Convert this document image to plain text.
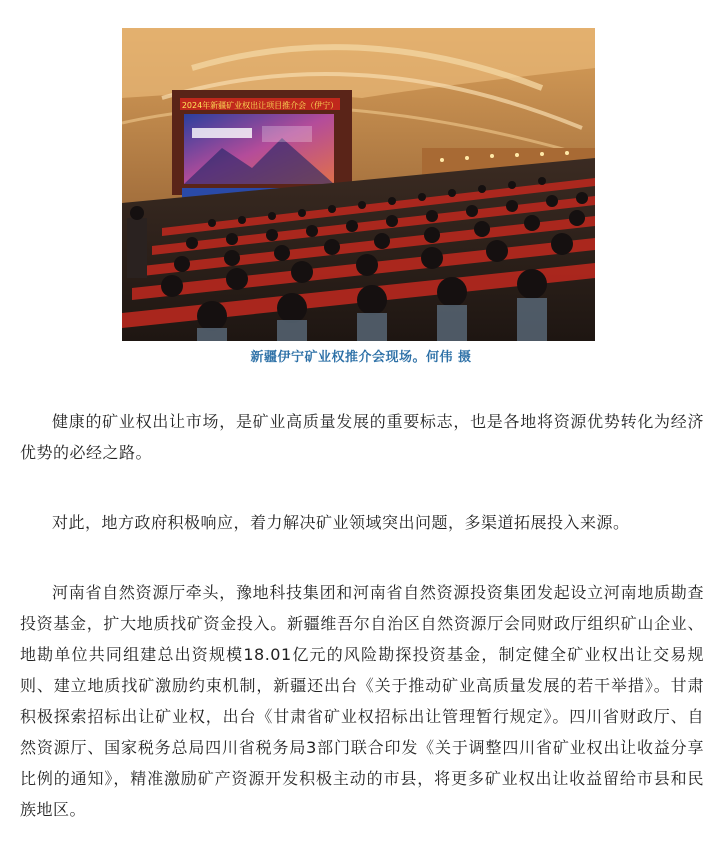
2024年新疆矿业权出让项目推介会（伊宁）
新疆伊宁矿业权推介会现场。何伟 摄

健康的矿业权出让市场，是矿业高质量发展的重要标志，也是各地将资源优势转化为经济优势的必经之路。

对此，地方政府积极响应，着力解决矿业领域突出问题，多渠道拓展投入来源。

河南省自然资源厅牵头，豫地科技集团和河南省自然资源投资集团发起设立河南地质勘查投资基金，扩大地质找矿资金投入。新疆维吾尔自治区自然资源厅会同财政厅组织矿山企业、地勘单位共同组建总出资规模18.01亿元的风险勘探投资基金，制定健全矿业权出让交易规则、建立地质找矿激励约束机制，新疆还出台《关于推动矿业高质量发展的若干举措》。甘肃积极探索招标出让矿业权，出台《甘肃省矿业权招标出让管理暂行规定》。四川省财政厅、自然资源厅、国家税务总局四川省税务局3部门联合印发《关于调整四川省矿业权出让收益分享比例的通知》，精准激励矿产资源开发积极主动的市县，将更多矿业权出让收益留给市县和民族地区。
